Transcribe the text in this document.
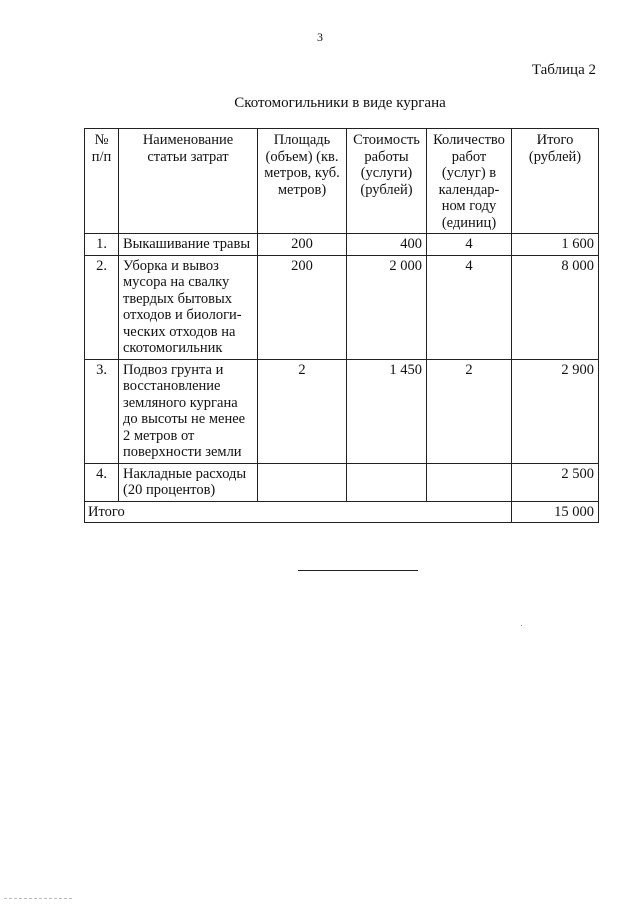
3
Таблица 2
Скотомогильники в виде кургана
№ п/п	Наименование статьи затрат	Площадь (объем) (кв. метров, куб. метров)	Стоимость работы (услуги) (рублей)	Количество работ (услуг) в календар-ном году (единиц)	Итого (рублей)
1.	Выкашивание травы	200	400	4	1 600
2.	Уборка и вывоз мусора на свалку твердых бытовых отходов и биологи-ческих отходов на скотомогильник	200	2 000	4	8 000
3.	Подвоз грунта и восстановление земляного кургана до высоты не менее 2 метров от поверхности земли	2	1 450	2	2 900
4.	Накладные расходы (20 процентов)				2 500
Итого					15 000
